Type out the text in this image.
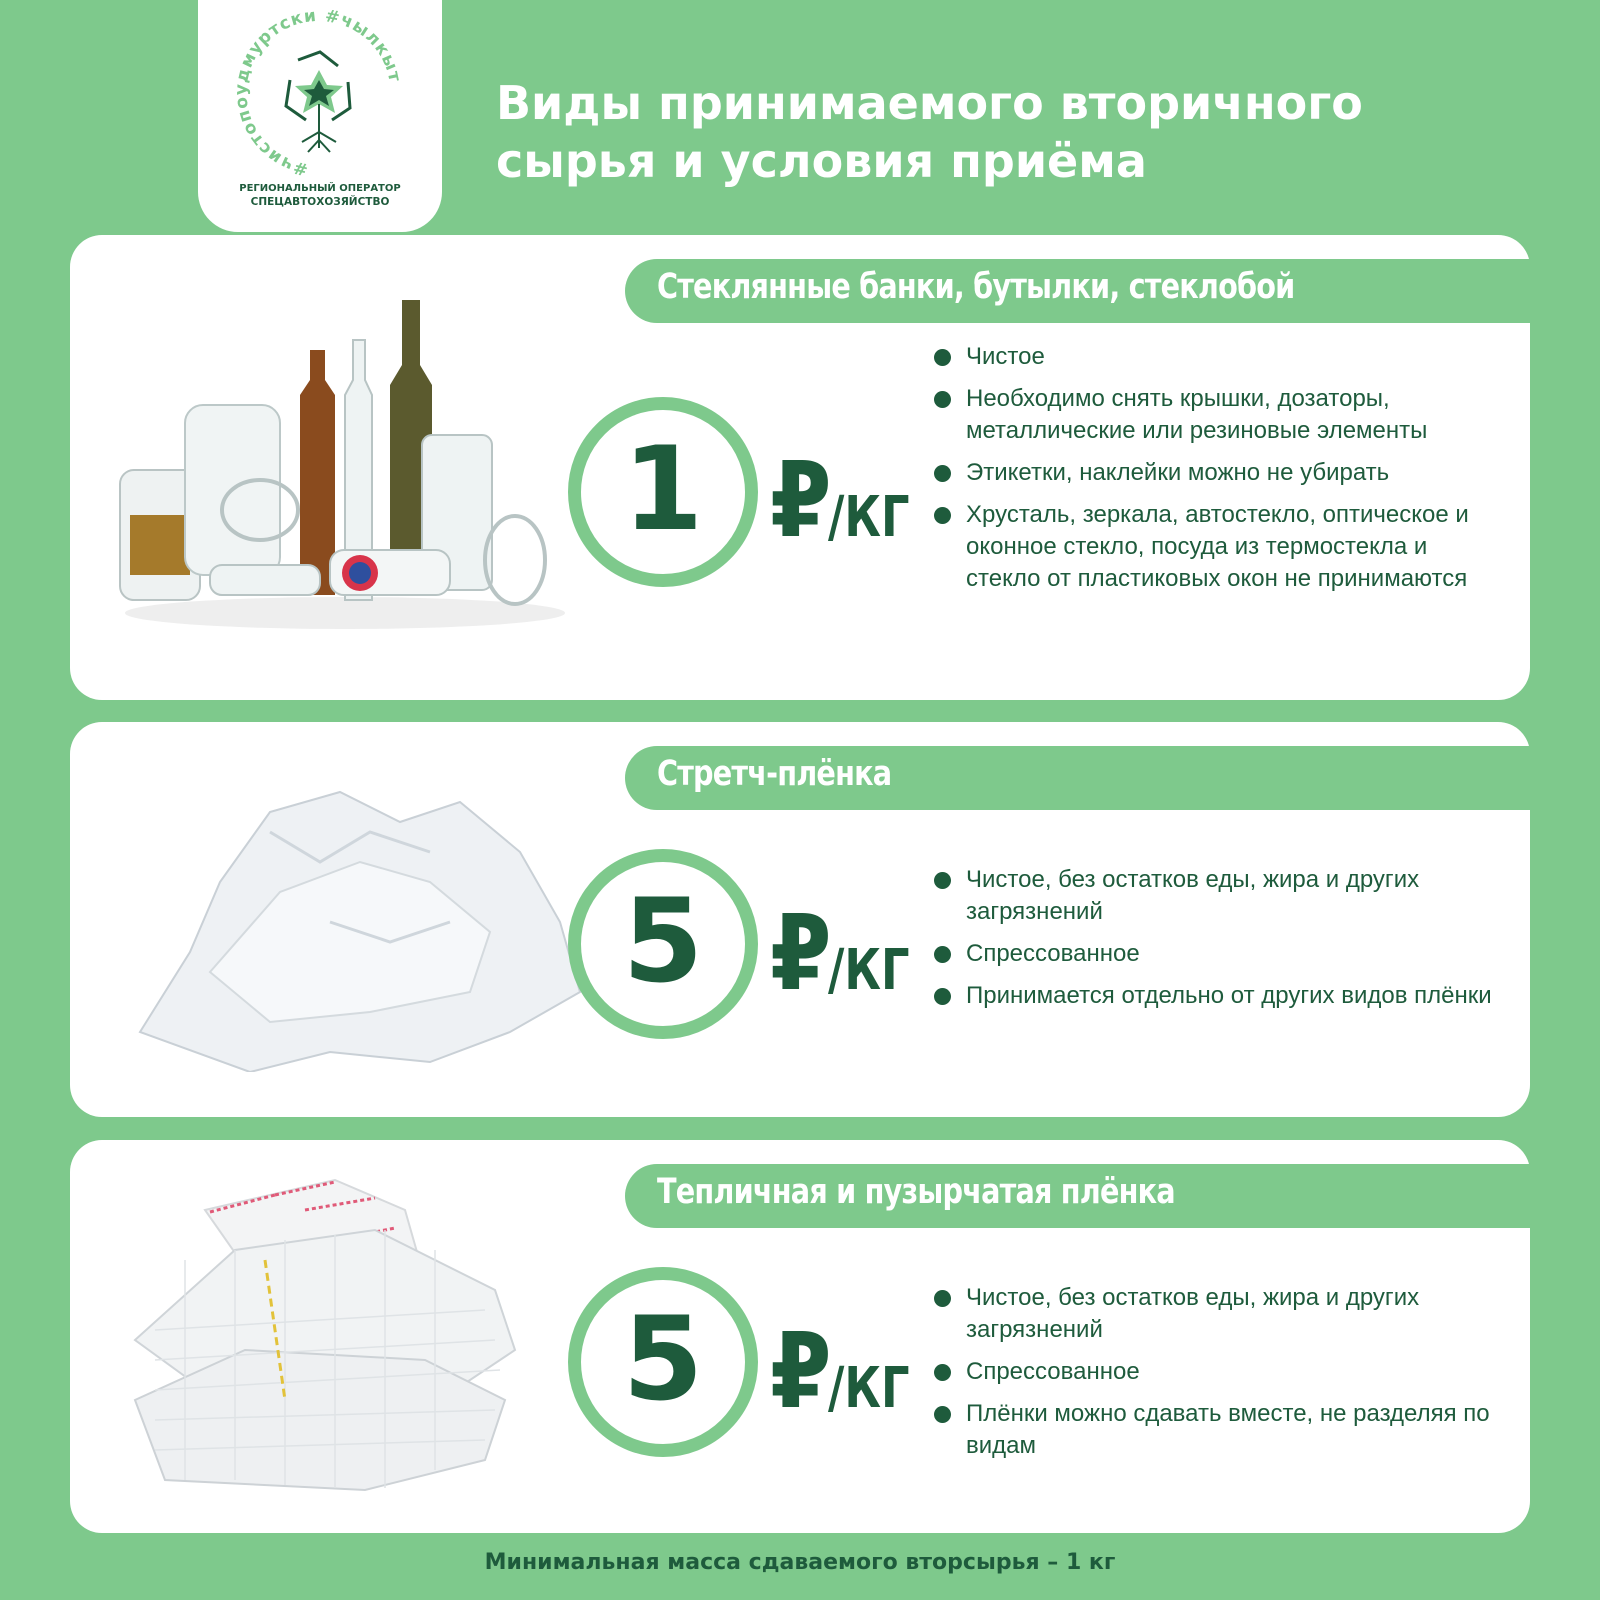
#чистопоудмуртски #чылкыт
РЕГИОНАЛЬНЫЙ ОПЕРАТОР
СПЕЦАВТОХОЗЯЙСТВО
Виды принимаемого вторичного
сырья и условия приёма
Стеклянные банки, бутылки, стеклобой
1 ₽/КГ
Чистое
Необходимо снять крышки, дозаторы, металлические или резиновые элементы
Этикетки, наклейки можно не убирать
Хрусталь, зеркала, автостекло, оптическое и оконное стекло, посуда из термостекла и стекло от пластиковых окон не принимаются
Стретч-плёнка
5 ₽/КГ
Чистое, без остатков еды, жира и других загрязнений
Спрессованное
Принимается отдельно от других видов плёнки
Тепличная и пузырчатая плёнка
5 ₽/КГ
Чистое, без остатков еды, жира и других загрязнений
Спрессованное
Плёнки можно сдавать вместе, не разделяя по видам
Минимальная масса сдаваемого вторсырья – 1 кг
